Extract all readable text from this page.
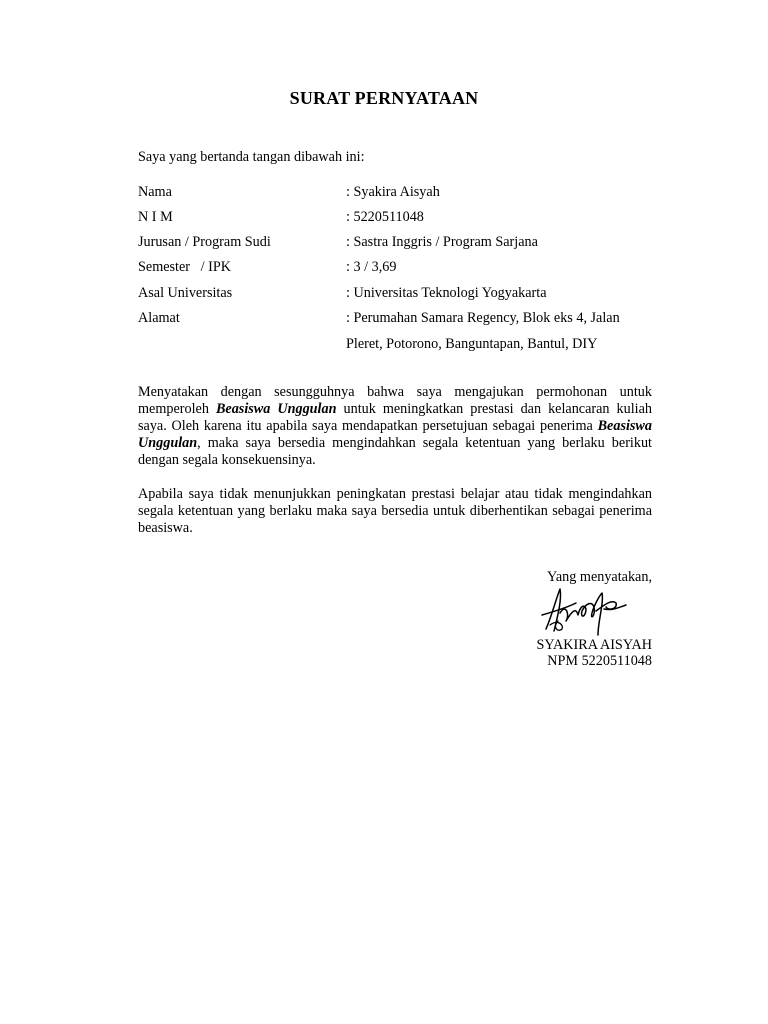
SURAT PERNYATAAN
Saya yang bertanda tangan dibawah ini:
Nama	: Syakira Aisyah
N I M	: 5220511048
Jurusan / Program Sudi	: Sastra Inggris / Program Sarjana
Semester   / IPK	: 3 / 3,69
Asal Universitas	: Universitas Teknologi Yogyakarta
Alamat	: Perumahan Samara Regency, Blok eks 4, Jalan
Pleret, Potorono, Banguntapan, Bantul, DIY

Menyatakan dengan sesungguhnya bahwa saya mengajukan permohonan untuk memperoleh Beasiswa Unggulan untuk meningkatkan prestasi dan kelancaran kuliah saya. Oleh karena itu apabila saya mendapatkan persetujuan sebagai penerima Beasiswa Unggulan, maka saya bersedia mengindahkan segala ketentuan yang berlaku berikut dengan segala konsekuensinya.

Apabila saya tidak menunjukkan peningkatan prestasi belajar atau tidak mengindahkan segala ketentuan yang berlaku maka saya bersedia untuk diberhentikan sebagai penerima beasiswa.

Yang menyatakan,
SYAKIRA AISYAH
NPM 5220511048
